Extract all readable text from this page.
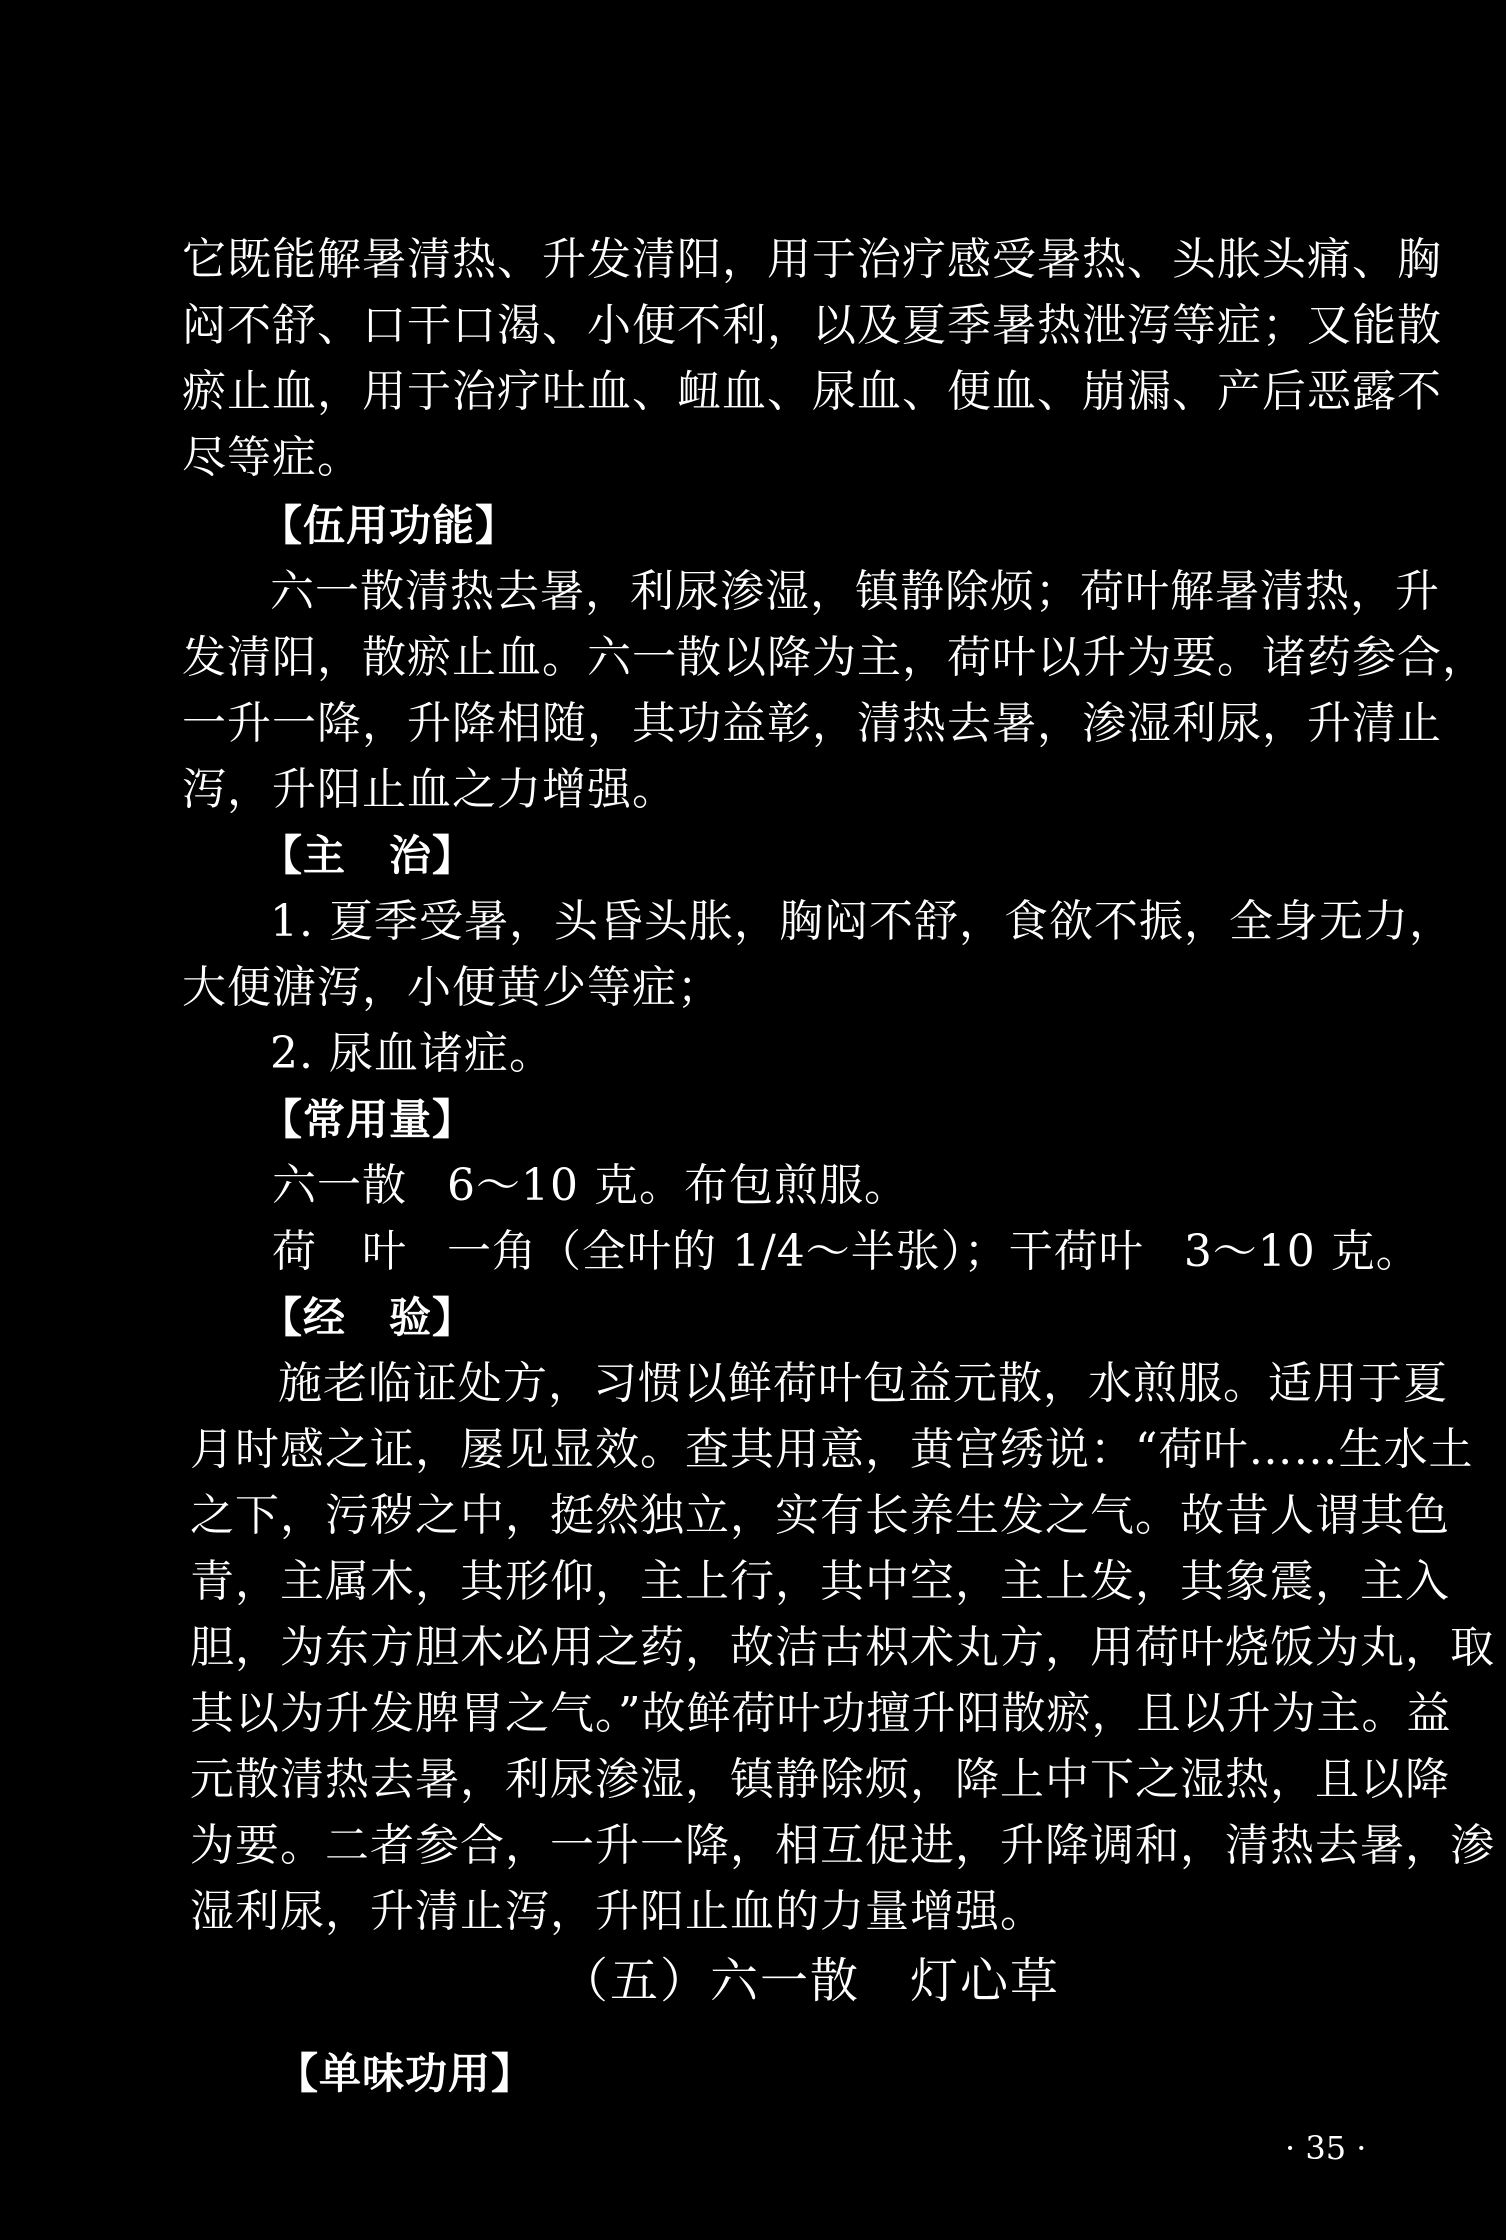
它既能解暑清热、升发清阳，用于治疗感受暑热、头胀头痛、胸
闷不舒、口干口渴、小便不利，以及夏季暑热泄泻等症；又能散
瘀止血，用于治疗吐血、衄血、尿血、便血、崩漏、产后恶露不
尽等症。
【伍用功能】
六一散清热去暑，利尿渗湿，镇静除烦；荷叶解暑清热，升
发清阳，散瘀止血。六一散以降为主，荷叶以升为要。诸药参合，
一升一降，升降相随，其功益彰，清热去暑，渗湿利尿，升清止
泻，升阳止血之力增强。
【主　治】
1. 夏季受暑，头昏头胀，胸闷不舒，食欲不振，全身无力，
大便溏泻，小便黄少等症；
2. 尿血诸症。
【常用量】
六一散 6～10 克。布包煎服。
荷　叶 一角（全叶的 1/4～半张）；干荷叶 3～10 克。
【经　验】
施老临证处方，习惯以鲜荷叶包益元散，水煎服。适用于夏
月时感之证，屡见显效。查其用意，黄宫绣说：“荷叶……生水土
之下，污秽之中，挺然独立，实有长养生发之气。故昔人谓其色
青，主属木，其形仰，主上行，其中空，主上发，其象震，主入
胆，为东方胆木必用之药，故洁古枳术丸方，用荷叶烧饭为丸，取
其以为升发脾胃之气。”故鲜荷叶功擅升阳散瘀，且以升为主。益
元散清热去暑，利尿渗湿，镇静除烦，降上中下之湿热，且以降
为要。二者参合，一升一降，相互促进，升降调和，清热去暑，渗
湿利尿，升清止泻，升阳止血的力量增强。
（五）六一散　灯心草
【单味功用】
· 35 ·
